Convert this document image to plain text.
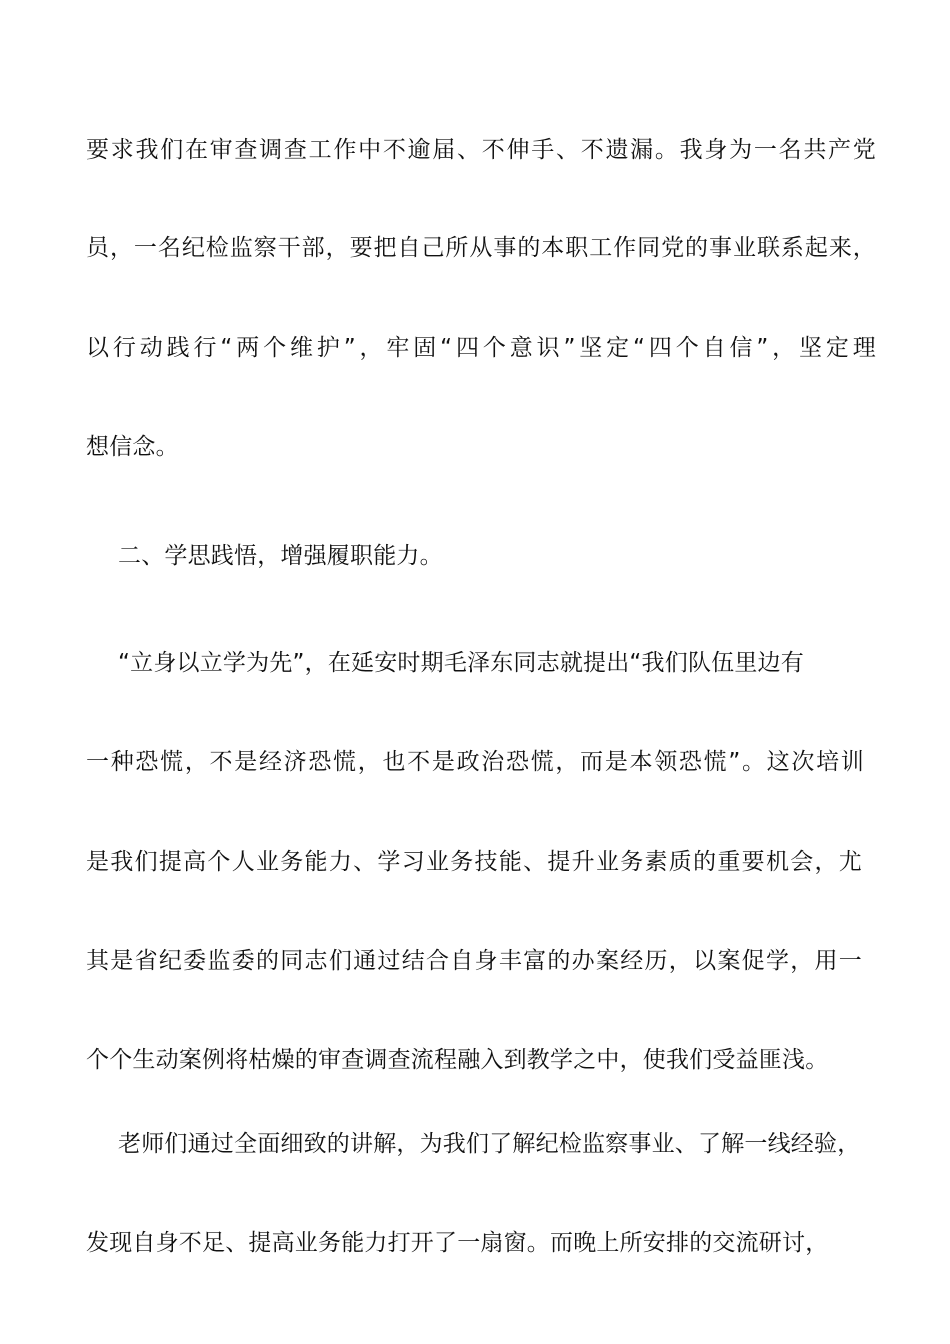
要求我们在审查调查工作中不逾届、不伸手、不遗漏。我身为一名共产党
员，一名纪检监察干部，要把自己所从事的本职工作同党的事业联系起来，
以行动践行“两个维护”，牢固“四个意识”坚定“四个自信”，坚定理
想信念。
二、学思践悟，增强履职能力。
“立身以立学为先”，在延安时期毛泽东同志就提出“我们队伍里边有
一种恐慌，不是经济恐慌，也不是政治恐慌，而是本领恐慌”。这次培训
是我们提高个人业务能力、学习业务技能、提升业务素质的重要机会，尤
其是省纪委监委的同志们通过结合自身丰富的办案经历，以案促学，用一
个个生动案例将枯燥的审查调查流程融入到教学之中，使我们受益匪浅。
老师们通过全面细致的讲解，为我们了解纪检监察事业、了解一线经验，
发现自身不足、提高业务能力打开了一扇窗。而晚上所安排的交流研讨，
